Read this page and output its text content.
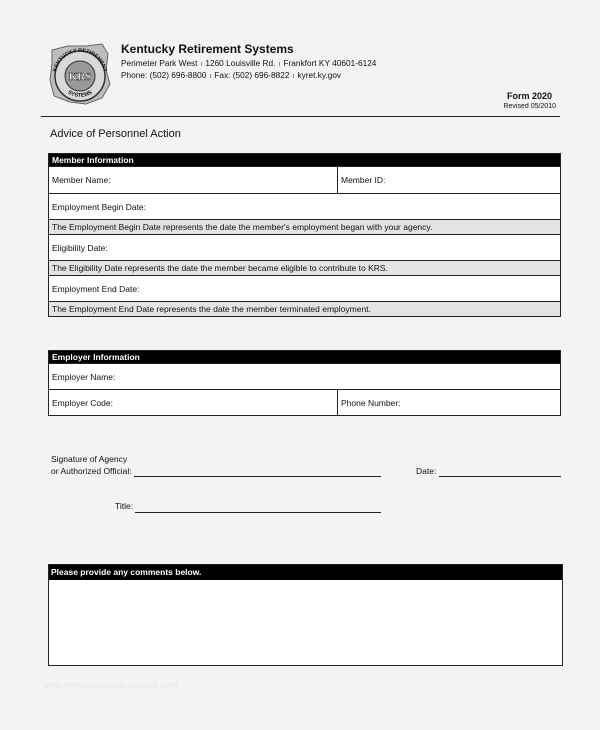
KENTUCKY RETIREMENT
KRS
SYSTEMS
Kentucky Retirement Systems
Perimeter Park West ı 1260 Louisville Rd. ı Frankfort KY 40601-6124
Phone: (502) 696-8800 ı Fax: (502) 696-8822 ı kyret.ky.gov
Form 2020
Revised 05/2010
Advice of Personnel Action
Member Information
Member Name:	Member ID:
Employment Begin Date:
The Employment Begin Date represents the date the member's employment began with your agency.
Eligibility Date:
The Eligibility Date represents the date the member became eligible to contribute to KRS.
Employment End Date:
The Employment End Date represents the date the member terminated employment.
Employer Information
Employer Name:
Employer Code:	Phone Number:
Signature of Agency
or Authorized Official:	Date:
Title:
Please provide any comments below.
www.heritagechristiancollege.com
